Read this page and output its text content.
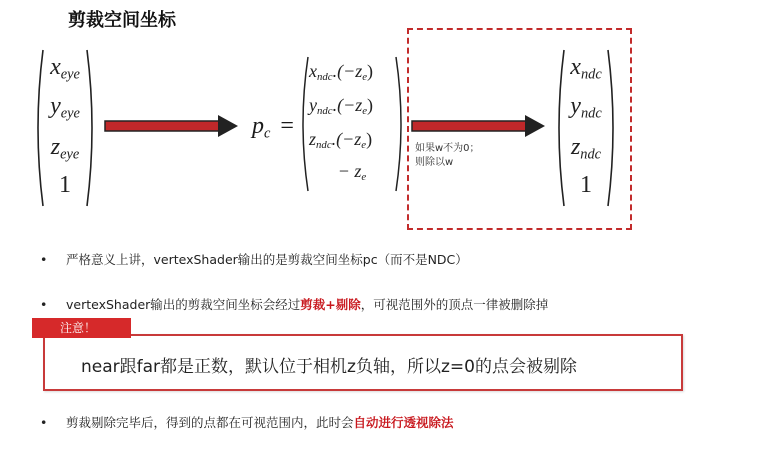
剪裁空间坐标
$x_{eye}$
$y_{eye}$
$z_{eye}$
1
pc =
$x_{ndc}.(-z_e)$
$y_{ndc}.(-z_e)$
$z_{ndc}.(-z_e)$
− $z_e$
如果w不为0；
则除以w
$x_{ndc}$
$y_{ndc}$
$z_{ndc}$
1
• 严格意义上讲，vertexShader输出的是剪裁空间坐标pc（而不是NDC）
• vertexShader输出的剪裁空间坐标会经过剪裁+剔除，可视范围外的顶点一律被删除掉
near跟far都是正数，默认位于相机z负轴，所以z=0的点会被剔除
注意！
• 剪裁剔除完毕后，得到的点都在可视范围内，此时会自动进行透视除法
